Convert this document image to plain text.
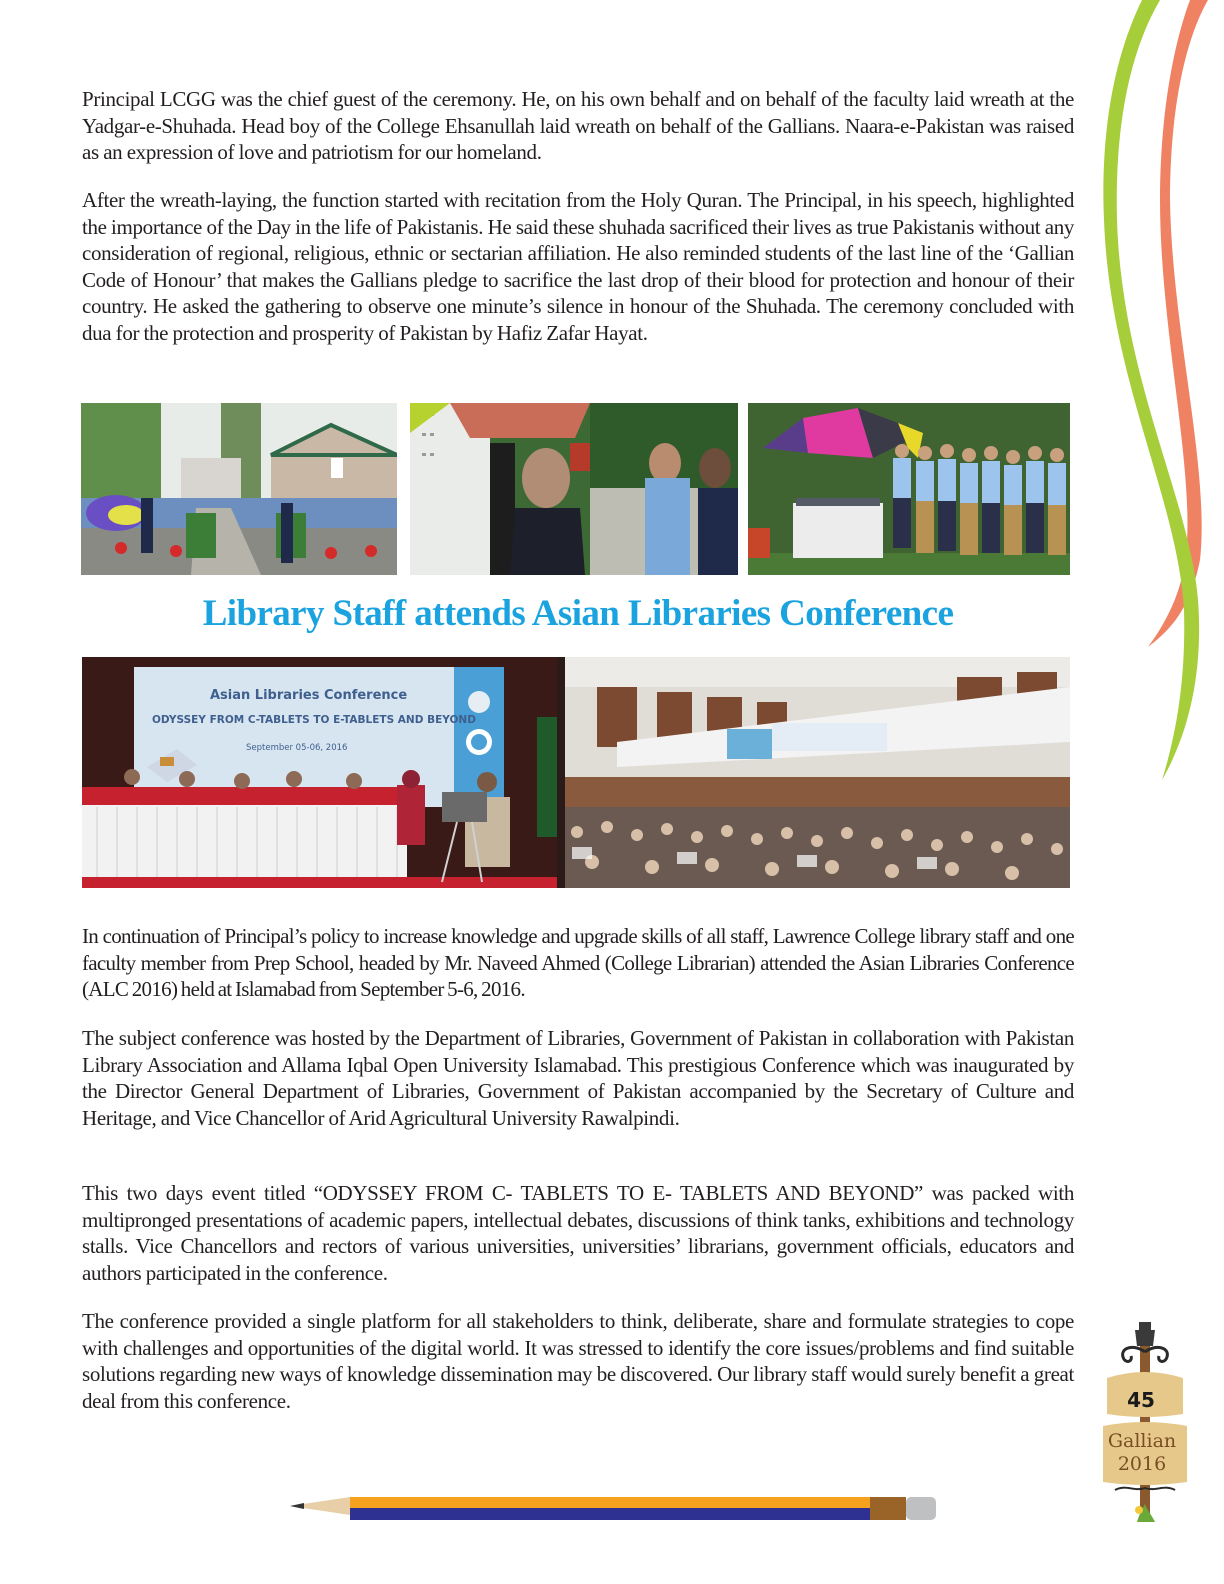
Principal LCGG was the chief guest of the ceremony. He, on his own behalf and on behalf of the faculty laid wreath at the Yadgar-e-Shuhada. Head boy of the College Ehsanullah laid wreath on behalf of the Gallians. Naara-e-Pakistan was raised as an expression of love and patriotism for our homeland.

After the wreath-laying, the function started with recitation from the Holy Quran. The Principal, in his speech, highlighted the importance of the Day in the life of Pakistanis. He said these shuhada sacrificed their lives as true Pakistanis without any consideration of regional, religious, ethnic or sectarian affiliation. He also reminded students of the last line of the ‘Gallian Code of Honour’ that makes the Gallians pledge to sacrifice the last drop of their blood for protection and honour of their country. He asked the gathering to observe one minute’s silence in honour of the Shuhada. The ceremony concluded with dua for the protection and prosperity of Pakistan by Hafiz Zafar Hayat.

Library Staff attends Asian Libraries Conference
Asian Libraries Conference
ODYSSEY FROM C-TABLETS TO E-TABLETS AND BEYOND
September 05-06, 2016

In continuation of Principal’s policy to increase knowledge and upgrade skills of all staff, Lawrence College library staff and one faculty member from Prep School, headed by Mr. Naveed Ahmed (College Librarian) attended the Asian Libraries Conference (ALC 2016) held at Islamabad from September 5-6, 2016.

The subject conference was hosted by the Department of Libraries, Government of Pakistan in collaboration with Pakistan Library Association and Allama Iqbal Open University Islamabad. This prestigious Conference which was inaugurated by the Director General Department of Libraries, Government of Pakistan accompanied by the Secretary of Culture and Heritage, and Vice Chancellor of Arid Agricultural University Rawalpindi.

This two days event titled “ODYSSEY FROM C- TABLETS TO E- TABLETS AND BEYOND” was packed with multipronged presentations of academic papers, intellectual debates, discussions of think tanks, exhibitions and technology stalls. Vice Chancellors and rectors of various universities, universities’ librarians, government officials, educators and authors participated in the conference.

The conference provided a single platform for all stakeholders to think, deliberate, share and formulate strategies to cope with challenges and opportunities of the digital world. It was stressed to identify the core issues/problems and find suitable solutions regarding new ways of knowledge dissemination may be discovered. Our library staff would surely benefit a great deal from this conference.	45
Gallian
2016
